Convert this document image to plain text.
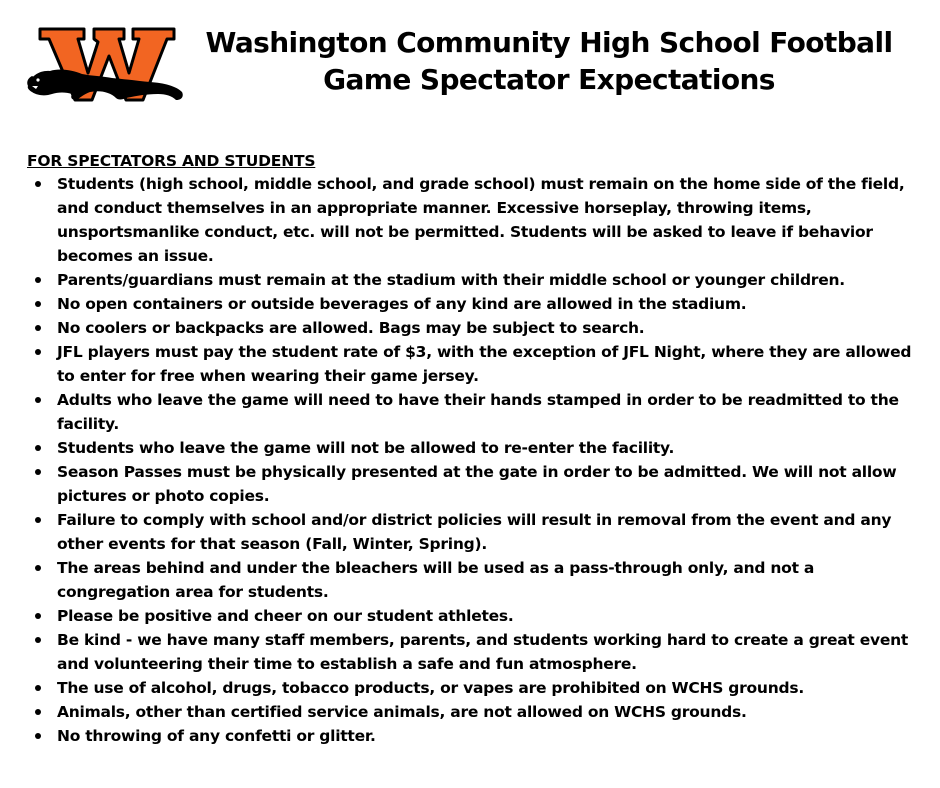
Washington Community High School Football
Game Spectator Expectations
FOR SPECTATORS AND STUDENTS
Students (high school, middle school, and grade school) must remain on the home side of the field, and conduct themselves in an appropriate manner. Excessive horseplay, throwing items, unsportsmanlike conduct, etc. will not be permitted. Students will be asked to leave if behavior becomes an issue.
Parents/guardians must remain at the stadium with their middle school or younger children.
No open containers or outside beverages of any kind are allowed in the stadium.
No coolers or backpacks are allowed. Bags may be subject to search.
JFL players must pay the student rate of $3, with the exception of JFL Night, where they are allowed to enter for free when wearing their game jersey.
Adults who leave the game will need to have their hands stamped in order to be readmitted to the facility.
Students who leave the game will not be allowed to re-enter the facility.
Season Passes must be physically presented at the gate in order to be admitted. We will not allow pictures or photo copies.
Failure to comply with school and/or district policies will result in removal from the event and any other events for that season (Fall, Winter, Spring).
The areas behind and under the bleachers will be used as a pass-through only, and not a congregation area for students.
Please be positive and cheer on our student athletes.
Be kind - we have many staff members, parents, and students working hard to create a great event and volunteering their time to establish a safe and fun atmosphere.
The use of alcohol, drugs, tobacco products, or vapes are prohibited on WCHS grounds.
Animals, other than certified service animals, are not allowed on WCHS grounds.
No throwing of any confetti or glitter.
